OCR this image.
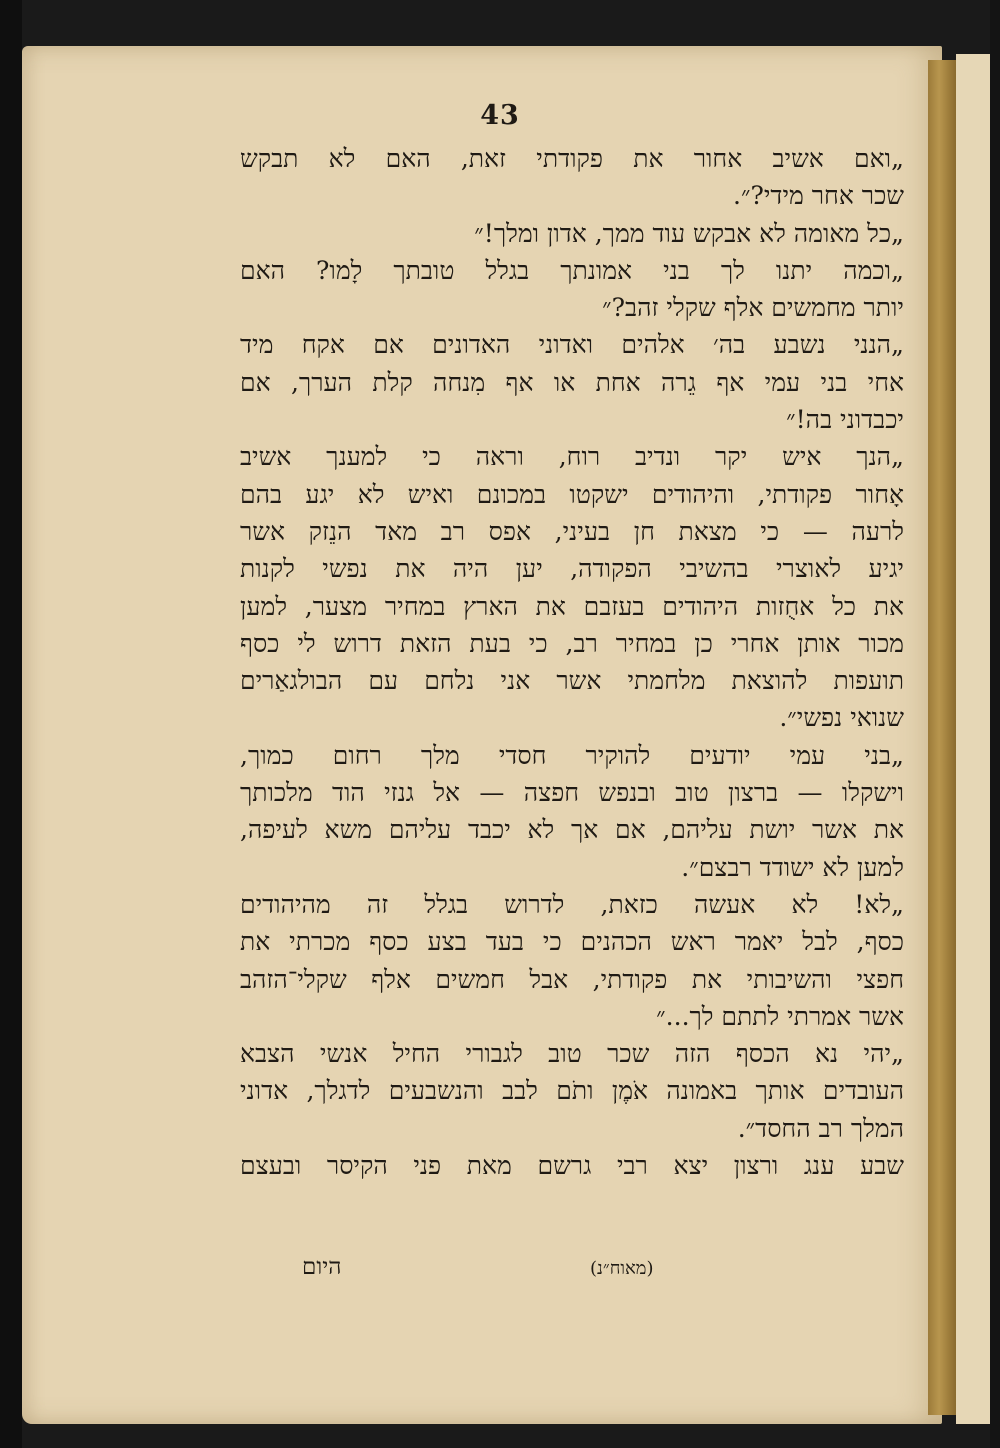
43
„ואם אשיב אחור את פקודתי זאת, האם לא תבקש
שכר אחר מידי?״.
„כל מאומה לא אבקש עוד ממך, אדון ומלך!״
„וכמה יתנו לך בני אמונתך בגלל טובתך לָמו? האם
יותר מחמשים אלף שקלי זהב?״
„הנני נשבע בה׳ אלהים ואדוני האדונים אם אקח מיד
אחי בני עמי אף גֵרה אחת או אף מִנחה קלת הערך, אם
יכבדוני בה!״
„הנך איש יקר ונדיב רוח, וראה כי למענך אשיב
אָחור פקודתי, והיהודים ישקטו במכונם ואיש לא יגע בהם
לרעה — כי מצאת חן בעיני, אפס רב מאד הנֵזק אשר
יגיע לאוצרי בהשיבי הפקודה, יען היה את נפשי לקנות
את כל אחֻזות היהודים בעזבם את הארץ במחיר מצער, למען
מכור אותן אחרי כן במחיר רב, כי בעת הזאת דרוש לי כסף
תועפות להוצאת מלחמתי אשר אני נלחם עם הבולגאַרים
שנואי נפשי״.
„בני עמי יודעים להוקיר חסדי מלך רחום כמוך,
וישקלו — ברצון טוב ובנפש חפצה — אל גנזי הוד מלכותך
את אשר יושת עליהם, אם אך לא יכבד עליהם משא לעיפה,
למען לא ישודד רבצם״.
„לא! לא אעשה כזאת, לדרוש בגלל זה מהיהודים
כסף, לבל יאמר ראש הכהנים כי בעד בצע כסף מכרתי את
חפצי והשיבותי את פקודתי, אבל חמשים אלף שקלי־הזהב
אשר אמרתי לתתם לך...״
„יהי נא הכסף הזה שכר טוב לגבורי החיל אנשי הצבא
העובדים אותך באמונה אֹמֶן ותֹם לבב והנשבעים לדגלך, אדוני
המלך רב החסד״.
שבע ענג ורצון יצא רבי גרשם מאת פני הקיסר ובעצם
היום	(מאוח״נ)
